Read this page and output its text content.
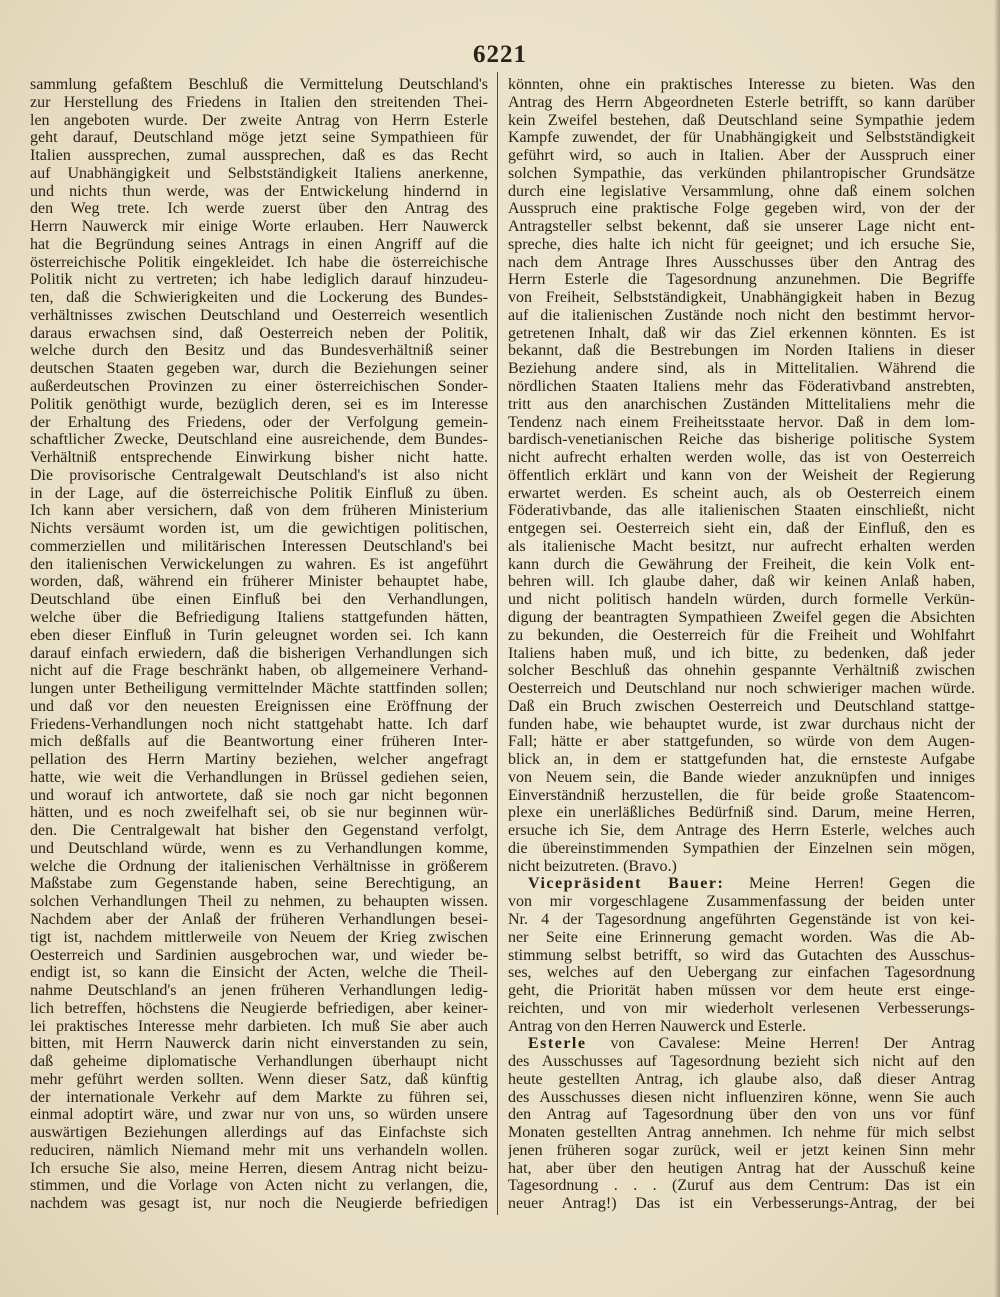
6221
sammlung gefaßtem Beschluß die Vermittelung Deutschland's
zur Herstellung des Friedens in Italien den streitenden Thei-
len angeboten wurde. Der zweite Antrag von Herrn Esterle
geht darauf, Deutschland möge jetzt seine Sympathieen für
Italien aussprechen, zumal aussprechen, daß es das Recht
auf Unabhängigkeit und Selbstständigkeit Italiens anerkenne,
und nichts thun werde, was der Entwickelung hindernd in
den Weg trete. Ich werde zuerst über den Antrag des
Herrn Nauwerck mir einige Worte erlauben. Herr Nauwerck
hat die Begründung seines Antrags in einen Angriff auf die
österreichische Politik eingekleidet. Ich habe die österreichische
Politik nicht zu vertreten; ich habe lediglich darauf hinzudeu-
ten, daß die Schwierigkeiten und die Lockerung des Bundes-
verhältnisses zwischen Deutschland und Oesterreich wesentlich
daraus erwachsen sind, daß Oesterreich neben der Politik,
welche durch den Besitz und das Bundesverhältniß seiner
deutschen Staaten gegeben war, durch die Beziehungen seiner
außerdeutschen Provinzen zu einer österreichischen Sonder-
Politik genöthigt wurde, bezüglich deren, sei es im Interesse
der Erhaltung des Friedens, oder der Verfolgung gemein-
schaftlicher Zwecke, Deutschland eine ausreichende, dem Bundes-
Verhältniß entsprechende Einwirkung bisher nicht hatte.
Die provisorische Centralgewalt Deutschland's ist also nicht
in der Lage, auf die österreichische Politik Einfluß zu üben.
Ich kann aber versichern, daß von dem früheren Ministerium
Nichts versäumt worden ist, um die gewichtigen politischen,
commerziellen und militärischen Interessen Deutschland's bei
den italienischen Verwickelungen zu wahren. Es ist angeführt
worden, daß, während ein früherer Minister behauptet habe,
Deutschland übe einen Einfluß bei den Verhandlungen,
welche über die Befriedigung Italiens stattgefunden hätten,
eben dieser Einfluß in Turin geleugnet worden sei. Ich kann
darauf einfach erwiedern, daß die bisherigen Verhandlungen sich
nicht auf die Frage beschränkt haben, ob allgemeinere Verhand-
lungen unter Betheiligung vermittelnder Mächte stattfinden sollen;
und daß vor den neuesten Ereignissen eine Eröffnung der
Friedens-Verhandlungen noch nicht stattgehabt hatte. Ich darf
mich deßfalls auf die Beantwortung einer früheren Inter-
pellation des Herrn Martiny beziehen, welcher angefragt
hatte, wie weit die Verhandlungen in Brüssel gediehen seien,
und worauf ich antwortete, daß sie noch gar nicht begonnen
hätten, und es noch zweifelhaft sei, ob sie nur beginnen wür-
den. Die Centralgewalt hat bisher den Gegenstand verfolgt,
und Deutschland würde, wenn es zu Verhandlungen komme,
welche die Ordnung der italienischen Verhältnisse in größerem
Maßstabe zum Gegenstande haben, seine Berechtigung, an
solchen Verhandlungen Theil zu nehmen, zu behaupten wissen.
Nachdem aber der Anlaß der früheren Verhandlungen besei-
tigt ist, nachdem mittlerweile von Neuem der Krieg zwischen
Oesterreich und Sardinien ausgebrochen war, und wieder be-
endigt ist, so kann die Einsicht der Acten, welche die Theil-
nahme Deutschland's an jenen früheren Verhandlungen ledig-
lich betreffen, höchstens die Neugierde befriedigen, aber keiner-
lei praktisches Interesse mehr darbieten. Ich muß Sie aber auch
bitten, mit Herrn Nauwerck darin nicht einverstanden zu sein,
daß geheime diplomatische Verhandlungen überhaupt nicht
mehr geführt werden sollten. Wenn dieser Satz, daß künftig
der internationale Verkehr auf dem Markte zu führen sei,
einmal adoptirt wäre, und zwar nur von uns, so würden unsere
auswärtigen Beziehungen allerdings auf das Einfachste sich
reduciren, nämlich Niemand mehr mit uns verhandeln wollen.
Ich ersuche Sie also, meine Herren, diesem Antrag nicht beizu-
stimmen, und die Vorlage von Acten nicht zu verlangen, die,
nachdem was gesagt ist, nur noch die Neugierde befriedigen
könnten, ohne ein praktisches Interesse zu bieten. Was den
Antrag des Herrn Abgeordneten Esterle betrifft, so kann darüber
kein Zweifel bestehen, daß Deutschland seine Sympathie jedem
Kampfe zuwendet, der für Unabhängigkeit und Selbstständigkeit
geführt wird, so auch in Italien. Aber der Ausspruch einer
solchen Sympathie, das verkünden philantropischer Grundsätze
durch eine legislative Versammlung, ohne daß einem solchen
Ausspruch eine praktische Folge gegeben wird, von der der
Antragsteller selbst bekennt, daß sie unserer Lage nicht ent-
spreche, dies halte ich nicht für geeignet; und ich ersuche Sie,
nach dem Antrage Ihres Ausschusses über den Antrag des
Herrn Esterle die Tagesordnung anzunehmen. Die Begriffe
von Freiheit, Selbstständigkeit, Unabhängigkeit haben in Bezug
auf die italienischen Zustände noch nicht den bestimmt hervor-
getretenen Inhalt, daß wir das Ziel erkennen könnten. Es ist
bekannt, daß die Bestrebungen im Norden Italiens in dieser
Beziehung andere sind, als in Mittelitalien. Während die
nördlichen Staaten Italiens mehr das Föderativband anstrebten,
tritt aus den anarchischen Zuständen Mittelitaliens mehr die
Tendenz nach einem Freiheitsstaate hervor. Daß in dem lom-
bardisch-venetianischen Reiche das bisherige politische System
nicht aufrecht erhalten werden wolle, das ist von Oesterreich
öffentlich erklärt und kann von der Weisheit der Regierung
erwartet werden. Es scheint auch, als ob Oesterreich einem
Föderativbande, das alle italienischen Staaten einschließt, nicht
entgegen sei. Oesterreich sieht ein, daß der Einfluß, den es
als italienische Macht besitzt, nur aufrecht erhalten werden
kann durch die Gewährung der Freiheit, die kein Volk ent-
behren will. Ich glaube daher, daß wir keinen Anlaß haben,
und nicht politisch handeln würden, durch formelle Verkün-
digung der beantragten Sympathieen Zweifel gegen die Absichten
zu bekunden, die Oesterreich für die Freiheit und Wohlfahrt
Italiens haben muß, und ich bitte, zu bedenken, daß jeder
solcher Beschluß das ohnehin gespannte Verhältniß zwischen
Oesterreich und Deutschland nur noch schwieriger machen würde.
Daß ein Bruch zwischen Oesterreich und Deutschland stattge-
funden habe, wie behauptet wurde, ist zwar durchaus nicht der
Fall; hätte er aber stattgefunden, so würde von dem Augen-
blick an, in dem er stattgefunden hat, die ernsteste Aufgabe
von Neuem sein, die Bande wieder anzuknüpfen und inniges
Einverständniß herzustellen, die für beide große Staatencom-
plexe ein unerläßliches Bedürfniß sind. Darum, meine Herren,
ersuche ich Sie, dem Antrage des Herrn Esterle, welches auch
die übereinstimmenden Sympathien der Einzelnen sein mögen,
nicht beizutreten. (Bravo.)
Vicepräsident Bauer: Meine Herren! Gegen die
von mir vorgeschlagene Zusammenfassung der beiden unter
Nr. 4 der Tagesordnung angeführten Gegenstände ist von kei-
ner Seite eine Erinnerung gemacht worden. Was die Ab-
stimmung selbst betrifft, so wird das Gutachten des Ausschus-
ses, welches auf den Uebergang zur einfachen Tagesordnung
geht, die Priorität haben müssen vor dem heute erst einge-
reichten, und von mir wiederholt verlesenen Verbesserungs-
Antrag von den Herren Nauwerck und Esterle.
Esterle von Cavalese: Meine Herren! Der Antrag
des Ausschusses auf Tagesordnung bezieht sich nicht auf den
heute gestellten Antrag, ich glaube also, daß dieser Antrag
des Ausschusses diesen nicht influenziren könne, wenn Sie auch
den Antrag auf Tagesordnung über den von uns vor fünf
Monaten gestellten Antrag annehmen. Ich nehme für mich selbst
jenen früheren sogar zurück, weil er jetzt keinen Sinn mehr
hat, aber über den heutigen Antrag hat der Ausschuß keine
Tagesordnung . . . (Zuruf aus dem Centrum: Das ist ein
neuer Antrag!) Das ist ein Verbesserungs-Antrag, der bei
